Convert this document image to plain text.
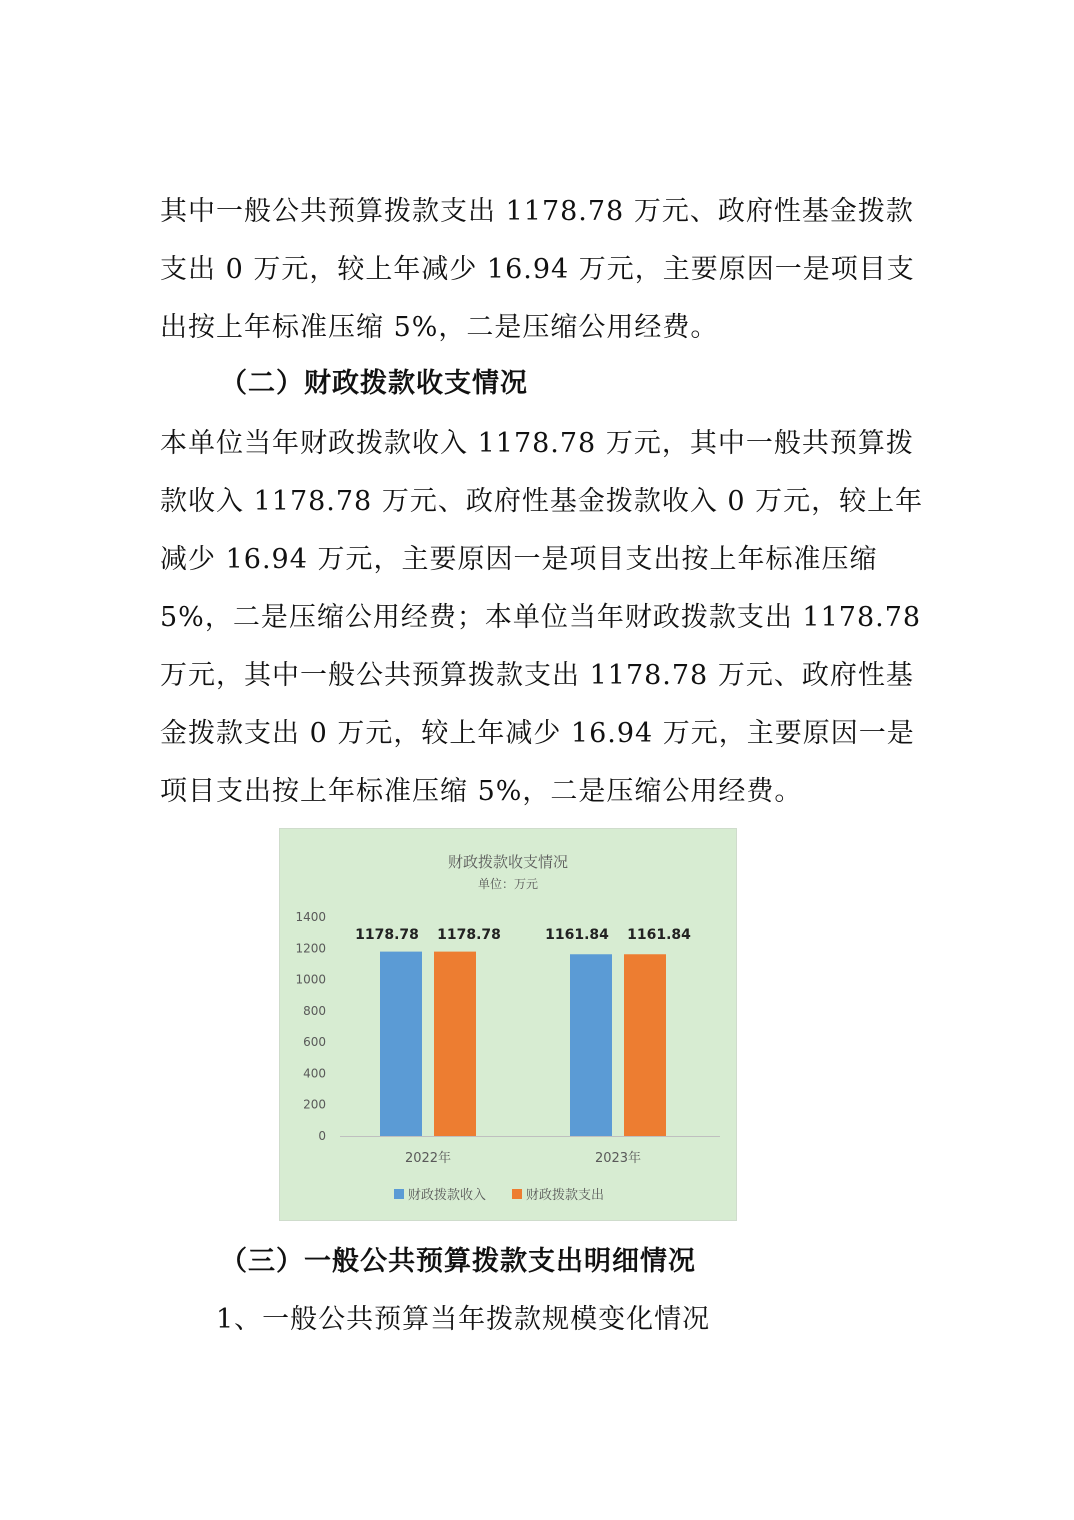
其中一般公共预算拨款支出 1178.78 万元、政府性基金拨款支出 0 万元，较上年减少 16.94 万元，主要原因一是项目支出按上年标准压缩 5%，二是压缩公用经费。

（二）财政拨款收支情况

本单位当年财政拨款收入 1178.78 万元，其中一般共预算拨款收入 1178.78 万元、政府性基金拨款收入 0 万元，较上年减少 16.94 万元，主要原因一是项目支出按上年标准压缩 5%，二是压缩公用经费；本单位当年财政拨款支出 1178.78 万元，其中一般公共预算拨款支出 1178.78 万元、政府性基金拨款支出 0 万元，较上年减少 16.94 万元，主要原因一是项目支出按上年标准压缩 5%，二是压缩公用经费。

财政拨款收支情况
单位：万元
0
200
400
600
800
1000
1200
1400
1178.78 1178.78	1161.84 1161.84
2022年	2023年
财政拨款收入	财政拨款支出

（三）一般公共预算拨款支出明细情况

1、一般公共预算当年拨款规模变化情况
